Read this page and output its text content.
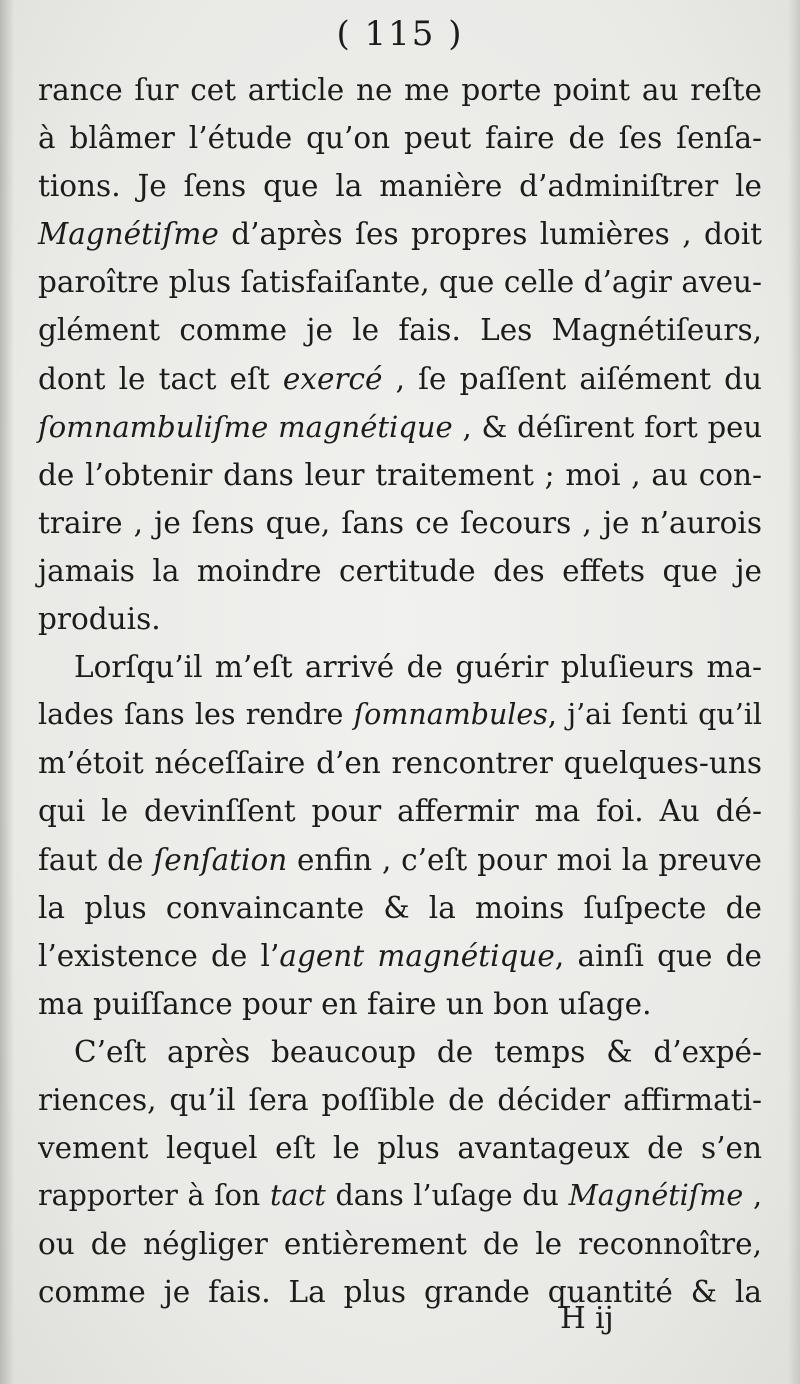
( 115 )
rance ſur cet article ne me porte point au reſte
à blâmer l’étude qu’on peut faire de ſes ſenſa-
tions. Je ſens que la manière d’adminiſtrer le
Magnétiſme d’après ſes propres lumières , doit
paroître plus ſatisfaiſante, que celle d’agir aveu-
glément comme je le fais. Les Magnétiſeurs,
dont le tact eſt exercé , ſe paſſent aiſément du
ſomnambuliſme magnétique , & déſirent fort peu
de l’obtenir dans leur traitement ; moi , au con-
traire , je ſens que, ſans ce ſecours , je n’aurois
jamais la moindre certitude des effets que je
produis.
Lorſqu’il m’eſt arrivé de guérir pluſieurs ma-
lades ſans les rendre ſomnambules, j’ai ſenti qu’il
m’étoit néceſſaire d’en rencontrer quelques-uns
qui le devinſſent pour affermir ma foi. Au dé-
faut de ſenſation enfin , c’eſt pour moi la preuve
la plus convaincante & la moins ſuſpecte de
l’existence de l’agent magnétique, ainſi que de
ma puiſſance pour en faire un bon uſage.
C’eſt après beaucoup de temps & d’expé-
riences, qu’il ſera poſſible de décider affirmati-
vement lequel eſt le plus avantageux de s’en
rapporter à ſon tact dans l’uſage du Magnétiſme ,
ou de négliger entièrement de le reconnoître,
comme je fais. La plus grande quantité & la
H ij
